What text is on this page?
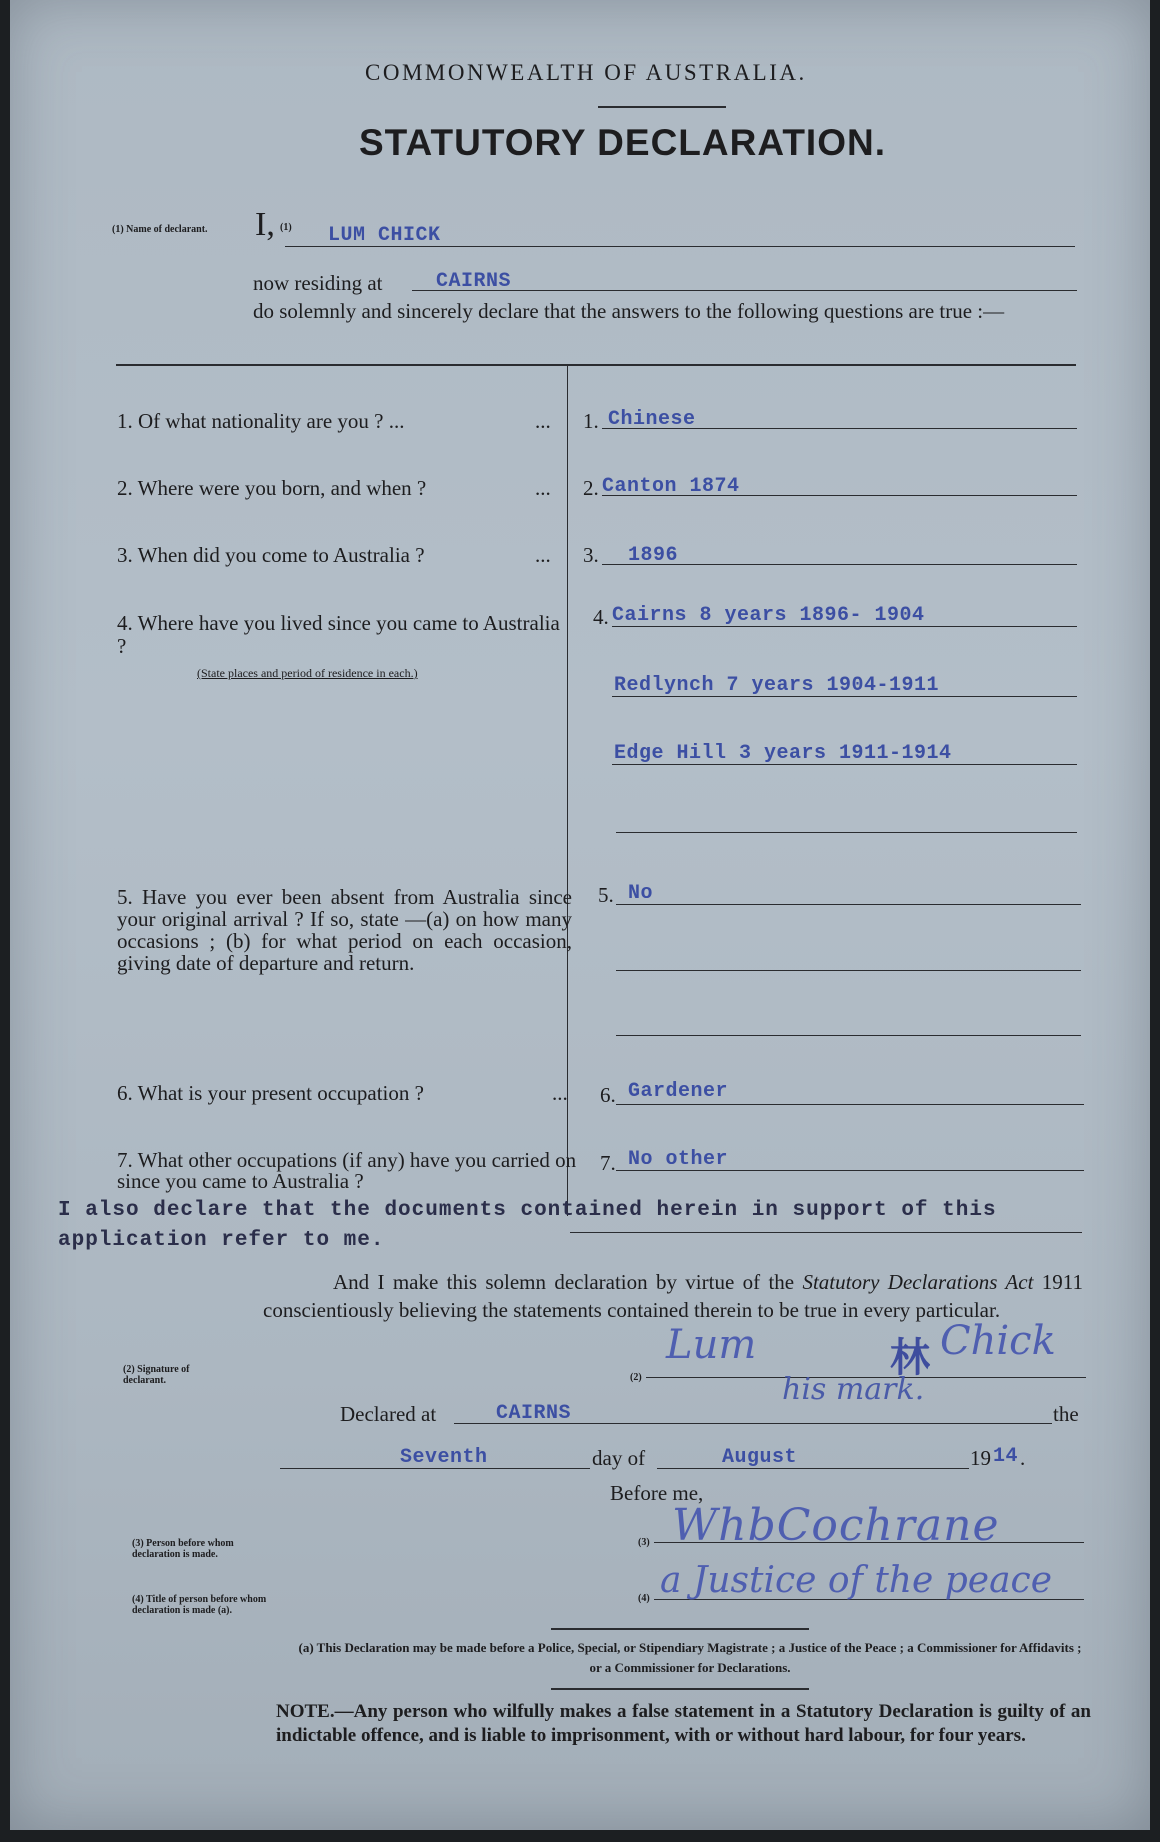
COMMONWEALTH OF AUSTRALIA.
STATUTORY DECLARATION.
(1) Name of declarant.	I, (1) LUM CHICK
now residing at	CAIRNS
do solemnly and sincerely declare that the answers to the following questions are true :—
1. Of what nationality are you ? ...	... 1. Chinese
2. Where were you born, and when ?	... 2. Canton 1874
3. When did you come to Australia ?	... 3. 1896
4. Where have you lived since you came to Australia ?
(State places and period of residence in each.)
4. Cairns 8 years 1896- 1904
Redlynch 7 years 1904-1911
Edge Hill 3 years 1911-1914
5. Have you ever been absent from Australia since your original arrival ? If so, state —(a) on how many occasions ; (b) for what period on each occasion, giving date of departure and return.
5. No
6. What is your present occupation ?	... 6. Gardener
7. What other occupations (if any) have you carried on since you came to Australia ?
7. No other
I also declare that the documents contained herein in support of this application refer to me.
And I make this solemn declaration by virtue of the Statutory Declarations Act 1911 conscientiously believing the statements contained therein to be true in every particular.
(2) Signature of declarant.	(2)
Lum	林 Chick
his mark.
Declared at	CAIRNS	the
Seventh	day of	August	19 14 .
Before me,
(3) Person before whom declaration is made.
(3) WhbCochrane
(4) Title of person before whom declaration is made (a).
(4) a Justice of the peace
(a) This Declaration may be made before a Police, Special, or Stipendiary Magistrate ; a Justice of the Peace ; a Commissioner for Affidavits ; or a Commissioner for Declarations.
NOTE.—Any person who wilfully makes a false statement in a Statutory Declaration is guilty of an indictable offence, and is liable to imprisonment, with or without hard labour, for four years.
